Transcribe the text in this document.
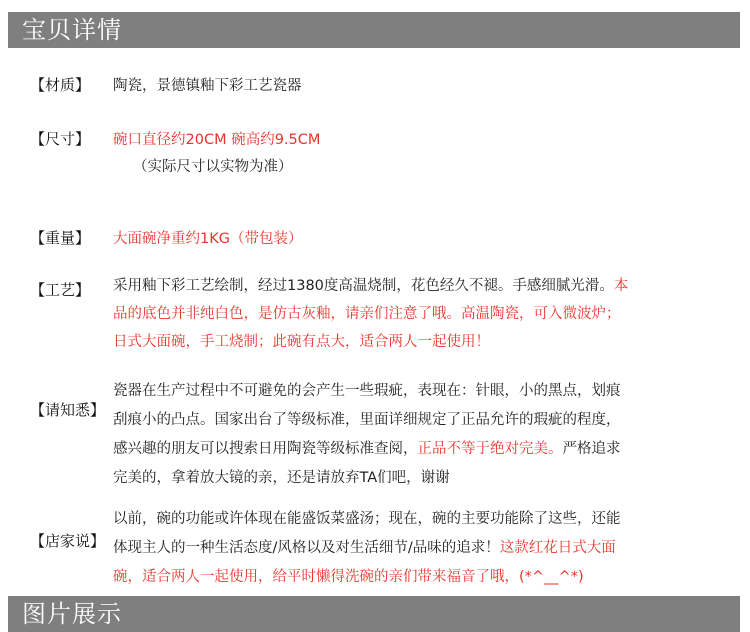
宝贝详情
【材质】 陶瓷，景德镇釉下彩工艺瓷器
【尺寸】 碗口直径约20CM 碗高约9.5CM
（实际尺寸以实物为准）
【重量】 大面碗净重约1KG（带包装）
【工艺】 采用釉下彩工艺绘制，经过1380度高温烧制，花色经久不褪。手感细腻光滑。本
品的底色并非纯白色，是仿古灰釉，请亲们注意了哦。高温陶瓷，可入微波炉；
日式大面碗，手工烧制；此碗有点大，适合两人一起使用！
【请知悉】
瓷器在生产过程中不可避免的会产生一些瑕疵，表现在：针眼，小的黑点，划痕
刮痕小的凸点。国家出台了等级标准，里面详细规定了正品允许的瑕疵的程度，
感兴趣的朋友可以搜索日用陶瓷等级标准查阅，正品不等于绝对完美。严格追求
完美的，拿着放大镜的亲，还是请放弃TA们吧，谢谢
【店家说】
以前，碗的功能或许体现在能盛饭菜盛汤；现在，碗的主要功能除了这些，还能
体现主人的一种生活态度/风格以及对生活细节/品味的追求！这款红花日式大面
碗，适合两人一起使用，给平时懒得洗碗的亲们带来福音了哦，(*^__^*)
图片展示
